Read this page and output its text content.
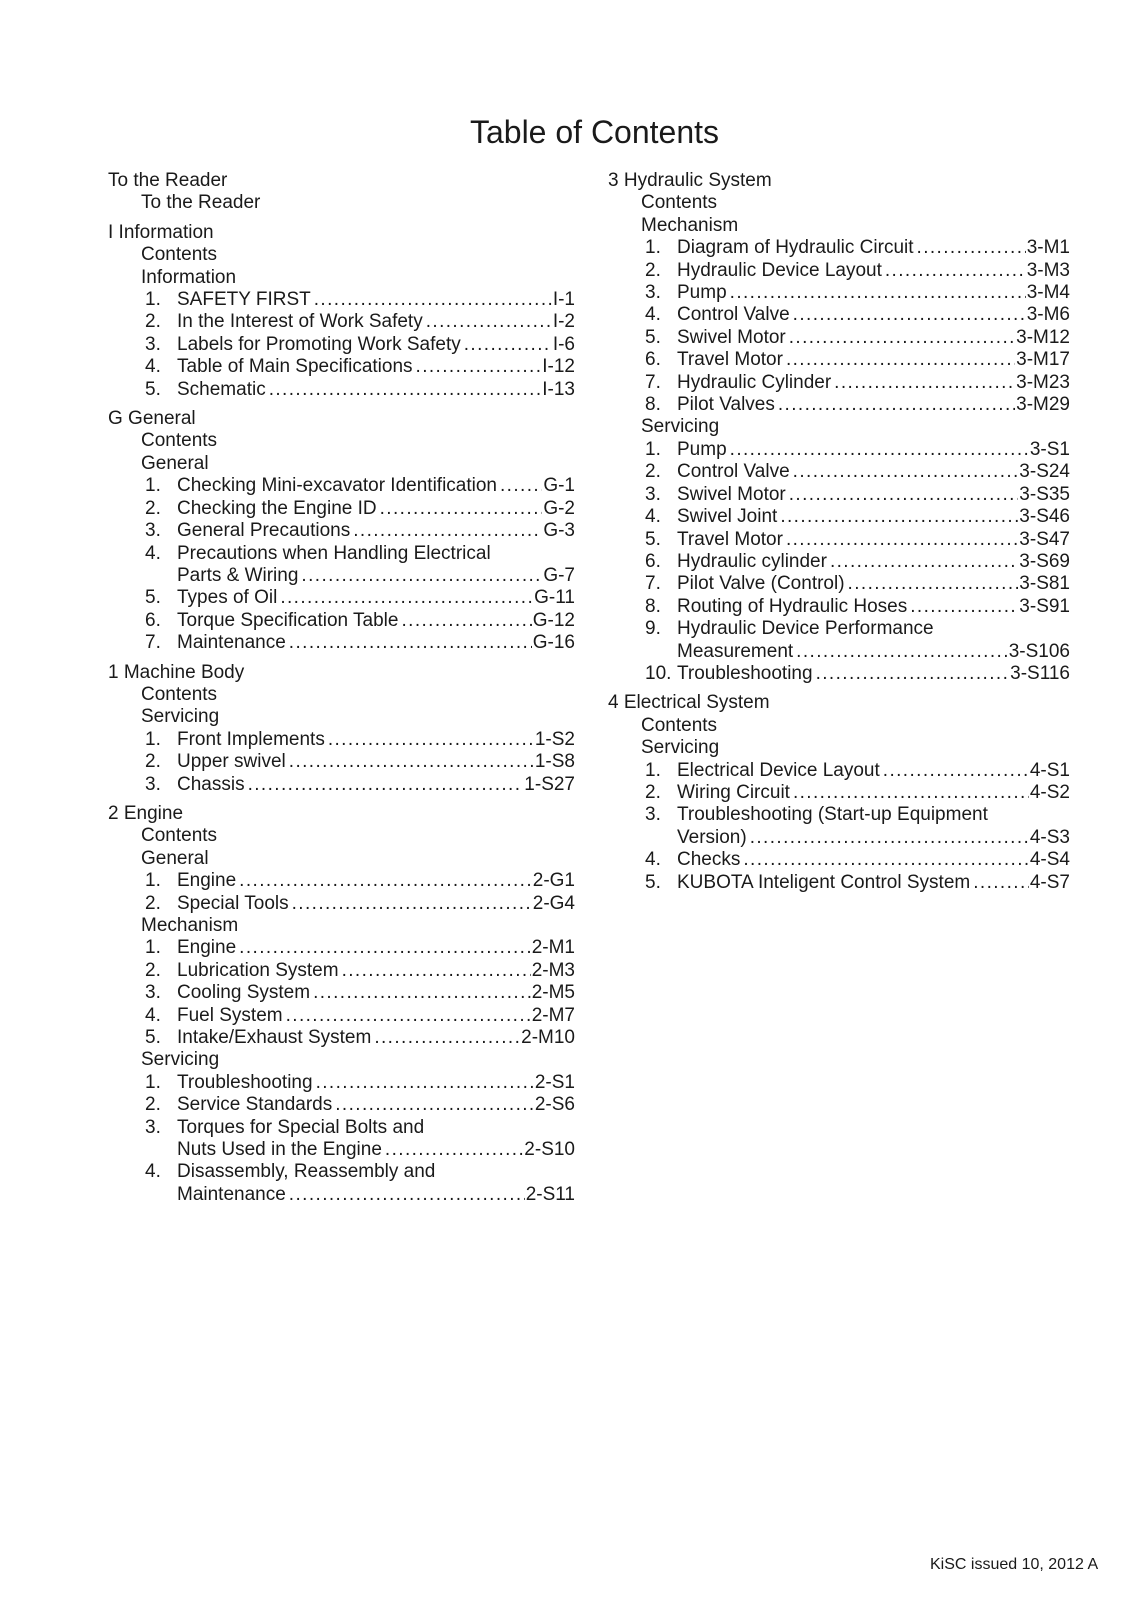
Table of Contents
To the Reader
To the Reader
I Information
Contents
Information
1. SAFETY FIRST .....	I-1
2. In the Interest of Work Safety .....	I-2
3. Labels for Promoting Work Safety .....	I-6
4. Table of Main Specifications .....	I-12
5. Schematic .....	I-13
G General
Contents
General
1. Checking Mini-excavator Identification ..... G-1
2. Checking the Engine ID .....	G-2
3. General Precautions .....	G-3
4. Precautions when Handling Electrical
Parts & Wiring .....	G-7
5. Types of Oil .....	G-11
6. Torque Specification Table .....	G-12
7. Maintenance .....	G-16
1 Machine Body
Contents
Servicing
1. Front Implements .....	1-S2
2. Upper swivel .....	1-S8
3. Chassis .....	1-S27
2 Engine
Contents
General
1. Engine .....	2-G1
2. Special Tools .....	2-G4
Mechanism
1. Engine .....	2-M1
2. Lubrication System .....	2-M3
3. Cooling System .....	2-M5
4. Fuel System .....	2-M7
5. Intake/Exhaust System .....	2-M10
Servicing
1. Troubleshooting .....	2-S1
2. Service Standards .....	2-S6
3. Torques for Special Bolts and
Nuts Used in the Engine .....	2-S10
4. Disassembly, Reassembly and
Maintenance .....	2-S11
3 Hydraulic System
Contents
Mechanism
1. Diagram of Hydraulic Circuit .....	3-M1
2. Hydraulic Device Layout .....	3-M3
3. Pump .....	3-M4
4. Control Valve .....	3-M6
5. Swivel Motor .....	3-M12
6. Travel Motor .....	3-M17
7. Hydraulic Cylinder .....	3-M23
8. Pilot Valves .....	3-M29
Servicing
1. Pump .....	3-S1
2. Control Valve .....	3-S24
3. Swivel Motor .....	3-S35
4. Swivel Joint .....	3-S46
5. Travel Motor .....	3-S47
6. Hydraulic cylinder .....	3-S69
7. Pilot Valve (Control) .....	3-S81
8. Routing of Hydraulic Hoses .....	3-S91
9. Hydraulic Device Performance
Measurement .....	3-S106
10. Troubleshooting .....	3-S116
4 Electrical System
Contents
Servicing
1. Electrical Device Layout .....	4-S1
2. Wiring Circuit .....	4-S2
3. Troubleshooting (Start-up Equipment
Version) .....	4-S3
4. Checks .....	4-S4
5. KUBOTA Inteligent Control System .....	4-S7
KiSC issued 10, 2012 A
